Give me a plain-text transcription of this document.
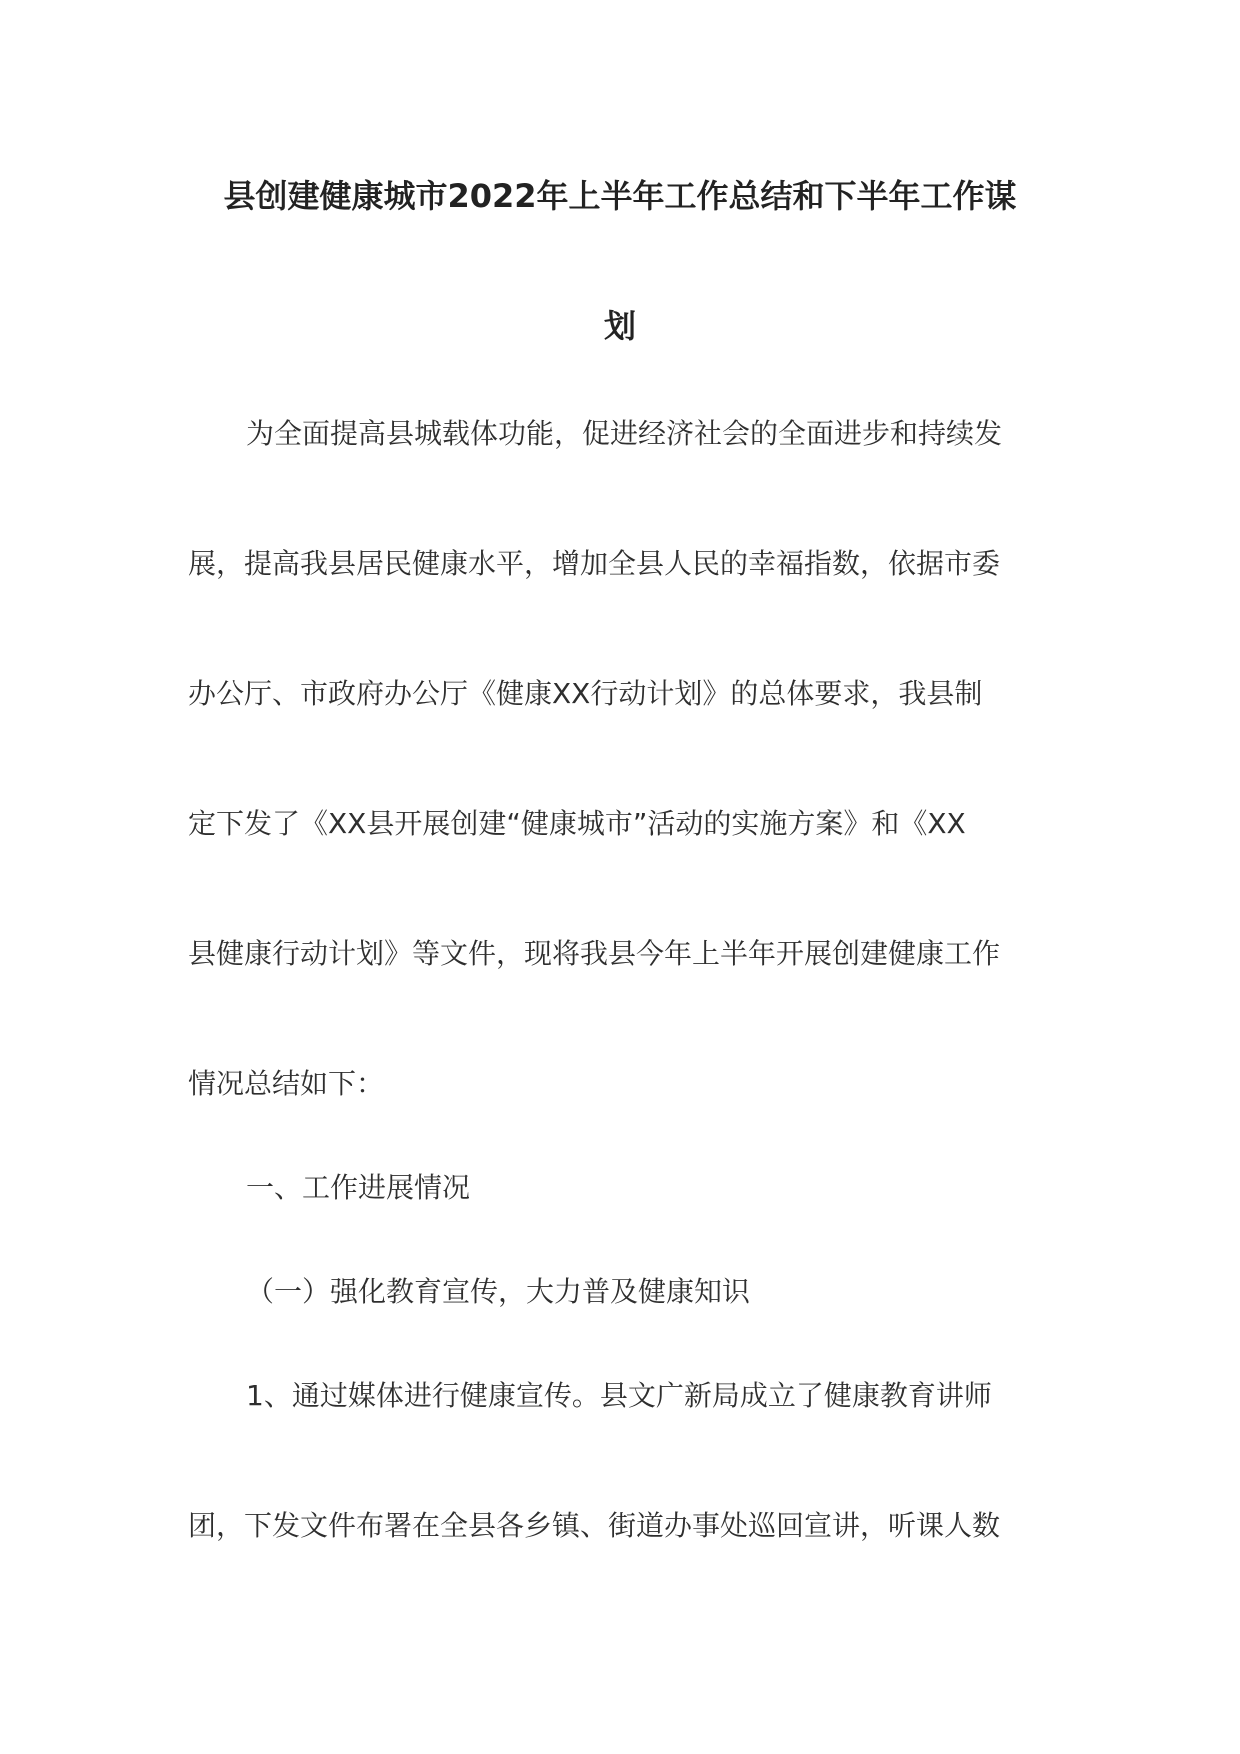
县创建健康城市2022年上半年工作总结和下半年工作谋
划
为全面提高县城载体功能，促进经济社会的全面进步和持续发
展，提高我县居民健康水平，增加全县人民的幸福指数，依据市委
办公厅、市政府办公厅《健康XX行动计划》的总体要求，我县制
定下发了《XX县开展创建“健康城市”活动的实施方案》和《XX
县健康行动计划》等文件，现将我县今年上半年开展创建健康工作
情况总结如下：
一、工作进展情况
（一）强化教育宣传，大力普及健康知识
1、通过媒体进行健康宣传。县文广新局成立了健康教育讲师
团，下发文件布署在全县各乡镇、街道办事处巡回宣讲，听课人数
